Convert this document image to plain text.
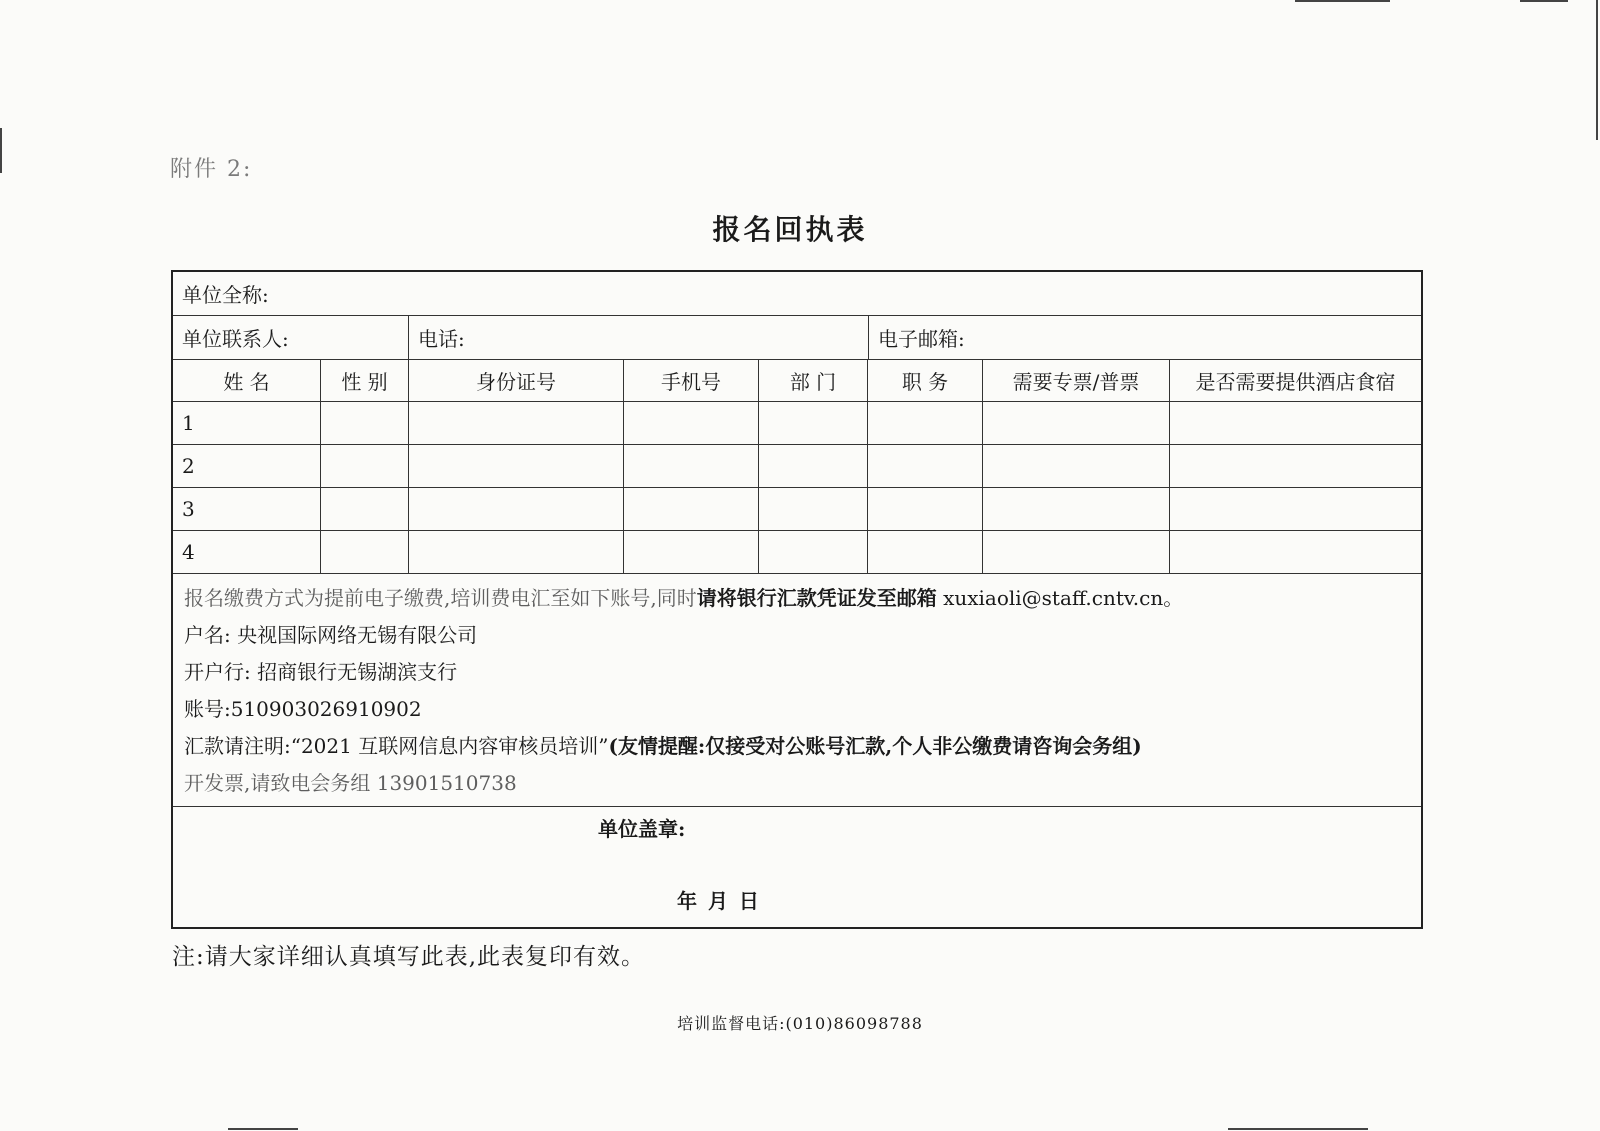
附件 2:
报名回执表
单位全称:
单位联系人:	电话:	电子邮箱:
姓 名	性 别	身份证号	手机号	部 门	职 务	需要专票/普票	是否需要提供酒店食宿
1
2
3
4
报名缴费方式为提前电子缴费,培训费电汇至如下账号,同时请将银行汇款凭证发至邮箱 xuxiaoli@staff.cntv.cn。
户名: 央视国际网络无锡有限公司
开户行: 招商银行无锡湖滨支行
账号:510903026910902
汇款请注明:“2021 互联网信息内容审核员培训”(友情提醒:仅接受对公账号汇款,个人非公缴费请咨询会务组)
开发票,请致电会务组 13901510738
单位盖章:
年 月 日
注:请大家详细认真填写此表,此表复印有效。
培训监督电话:(010)86098788
